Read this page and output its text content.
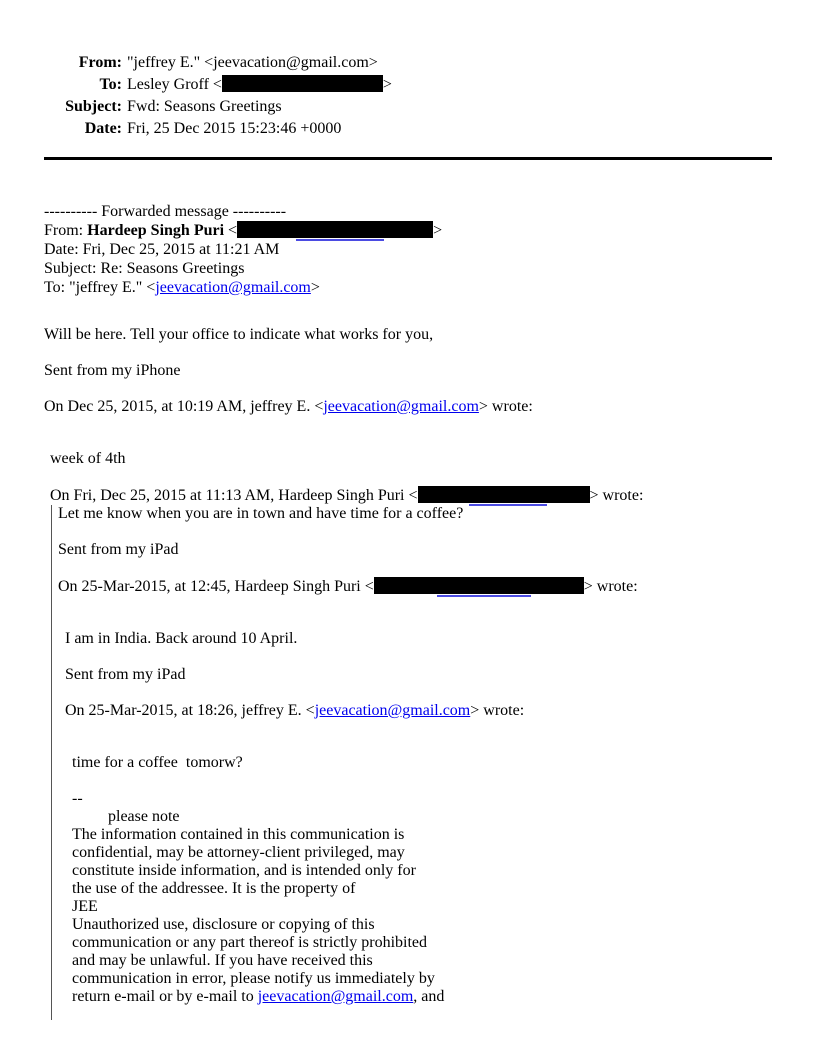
From: "jeffrey E." <jeevacation@gmail.com>
To: Lesley Groff <	>
Subject: Fwd: Seasons Greetings
Date: Fri, 25 Dec 2015 15:23:46 +0000
---------- Forwarded message ----------
From: Hardeep Singh Puri <	>
Date: Fri, Dec 25, 2015 at 11:21 AM
Subject: Re: Seasons Greetings
To: "jeffrey E." <jeevacation@gmail.com>
Will be here. Tell your office to indicate what works for you,
Sent from my iPhone
On Dec 25, 2015, at 10:19 AM, jeffrey E. <jeevacation@gmail.com> wrote:
week of 4th
On Fri, Dec 25, 2015 at 11:13 AM, Hardeep Singh Puri <	> wrote:
Let me know when you are in town and have time for a coffee?
Sent from my iPad
On 25-Mar-2015, at 12:45, Hardeep Singh Puri <	> wrote:
I am in India. Back around 10 April.
Sent from my iPad
On 25-Mar-2015, at 18:26, jeffrey E. <jeevacation@gmail.com> wrote:
time for a coffee  tomorw?
--
please note
The information contained in this communication is
confidential, may be attorney-client privileged, may
constitute inside information, and is intended only for
the use of the addressee. It is the property of
JEE
Unauthorized use, disclosure or copying of this
communication or any part thereof is strictly prohibited
and may be unlawful. If you have received this
communication in error, please notify us immediately by
return e-mail or by e-mail to jeevacation@gmail.com, and
